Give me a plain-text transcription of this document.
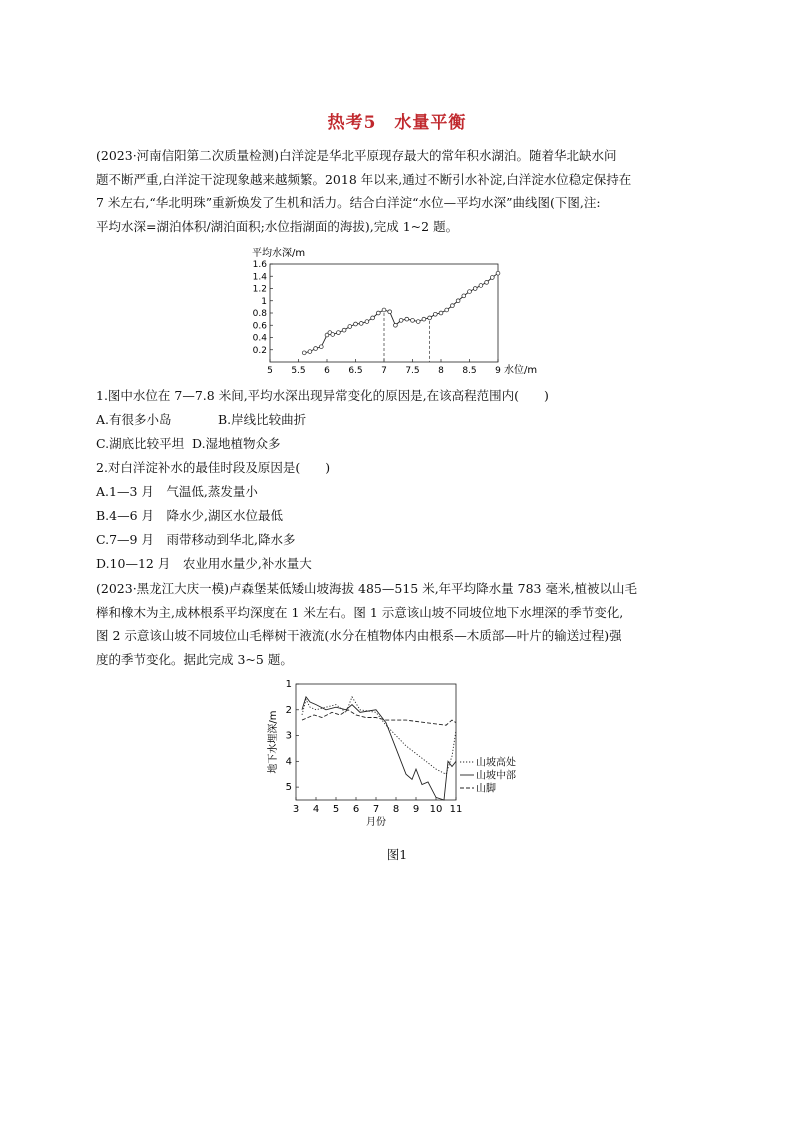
热考5　水量平衡
(2023·河南信阳第二次质量检测)白洋淀是华北平原现存最大的常年积水湖泊。随着华北缺水问
题不断严重,白洋淀干淀现象越来越频繁。2018 年以来,通过不断引水补淀,白洋淀水位稳定保持在
7 米左右,“华北明珠”重新焕发了生机和活力。结合白洋淀“水位—平均水深”曲线图(下图,注:
平均水深=湖泊体积/湖泊面积;水位指湖面的海拔),完成 1~2 题。
平均水深/m
0.2
0.4
0.6
0.8
1
1.2
1.4
1.6
5 5.5 6 6.5 7 7.5 8 8.5 9 水位/m
1.图中水位在 7—7.8 米间,平均水深出现异常变化的原因是,在该高程范围内(　　)
A.有很多小岛	B.岸线比较曲折
C.湖底比较平坦 D.湿地植物众多
2.对白洋淀补水的最佳时段及原因是(　　)
A.1—3 月　气温低,蒸发量小
B.4—6 月　降水少,湖区水位最低
C.7—9 月　雨带移动到华北,降水多
D.10—12 月　农业用水量少,补水量大
(2023·黑龙江大庆一模)卢森堡某低矮山坡海拔 485—515 米,年平均降水量 783 毫米,植被以山毛
榉和橡木为主,成林根系平均深度在 1 米左右。图 1 示意该山坡不同坡位地下水埋深的季节变化,
图 2 示意该山坡不同坡位山毛榉树干液流(水分在植物体内由根系—木质部—叶片的输送过程)强
度的季节变化。据此完成 3~5 题。
地下水埋深/m
1
2
3
4
5
3 4 5 6 7 8 9 10 11
月份
山坡高处
山坡中部
山脚
图1
